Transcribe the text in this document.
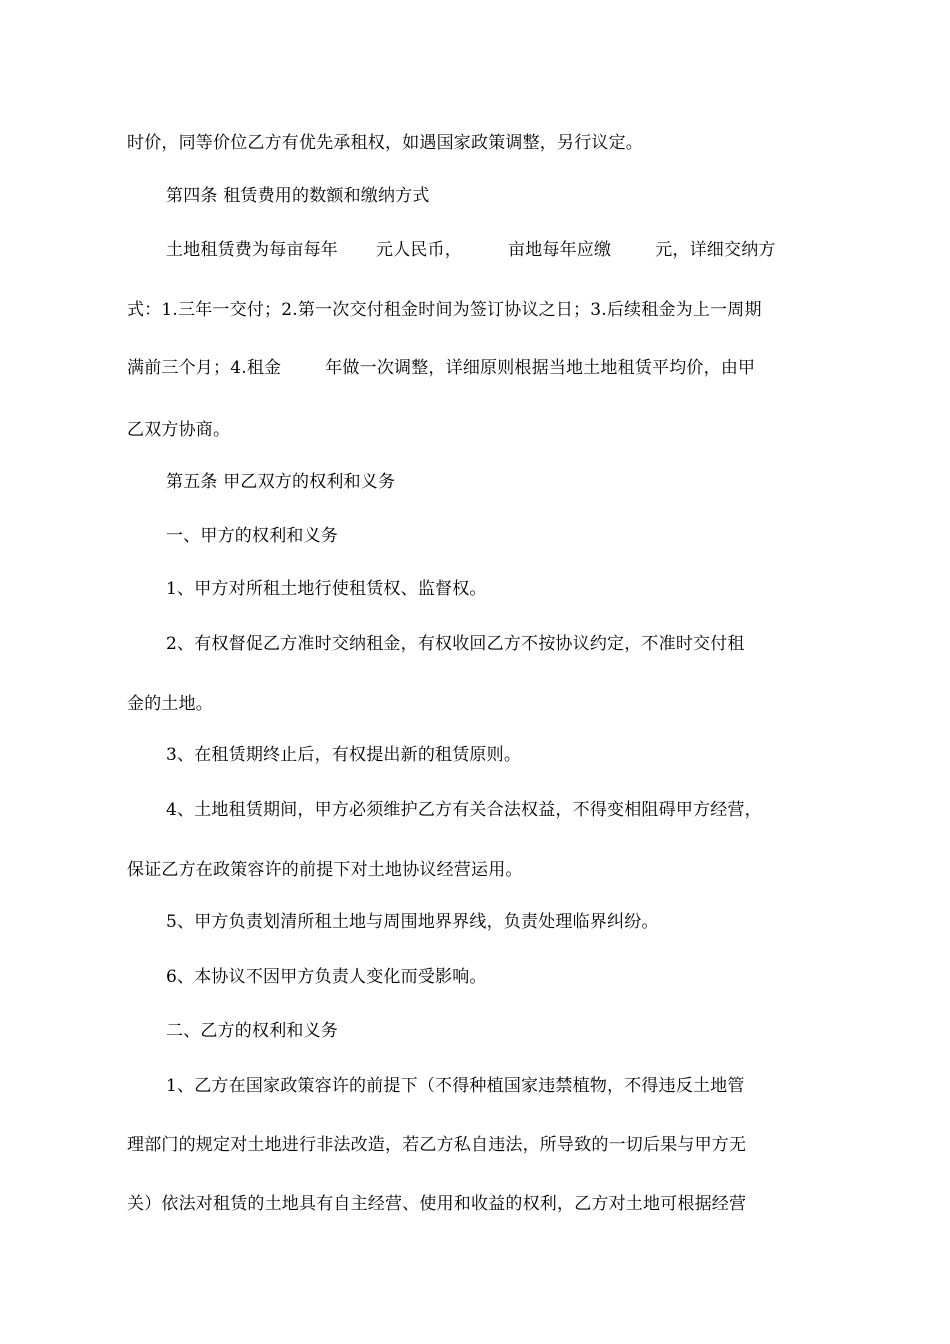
时价，同等价位乙方有优先承租权，如遇国家政策调整，另行议定。
第四条 租赁费用的数额和缴纳方式
土地租赁费为每亩每年 元人民币，	亩地每年应缴	元，详细交纳方
式：1.三年一交付；2.第一次交付租金时间为签订协议之日；3.后续租金为上一周期
满前三个月；4.租金	年做一次调整，详细原则根据当地土地租赁平均价，由甲
乙双方协商。
第五条 甲乙双方的权利和义务
一、甲方的权利和义务
1、甲方对所租土地行使租赁权、监督权。
2、有权督促乙方准时交纳租金，有权收回乙方不按协议约定，不准时交付租
金的土地。
3、在租赁期终止后，有权提出新的租赁原则。
4、土地租赁期间，甲方必须维护乙方有关合法权益，不得变相阻碍甲方经营，
保证乙方在政策容许的前提下对土地协议经营运用。
5、甲方负责划清所租土地与周围地界界线，负责处理临界纠纷。
6、本协议不因甲方负责人变化而受影响。
二、乙方的权利和义务
1、乙方在国家政策容许的前提下（不得种植国家违禁植物，不得违反土地管
理部门的规定对土地进行非法改造，若乙方私自违法，所导致的一切后果与甲方无
关）依法对租赁的土地具有自主经营、使用和收益的权利，乙方对土地可根据经营
